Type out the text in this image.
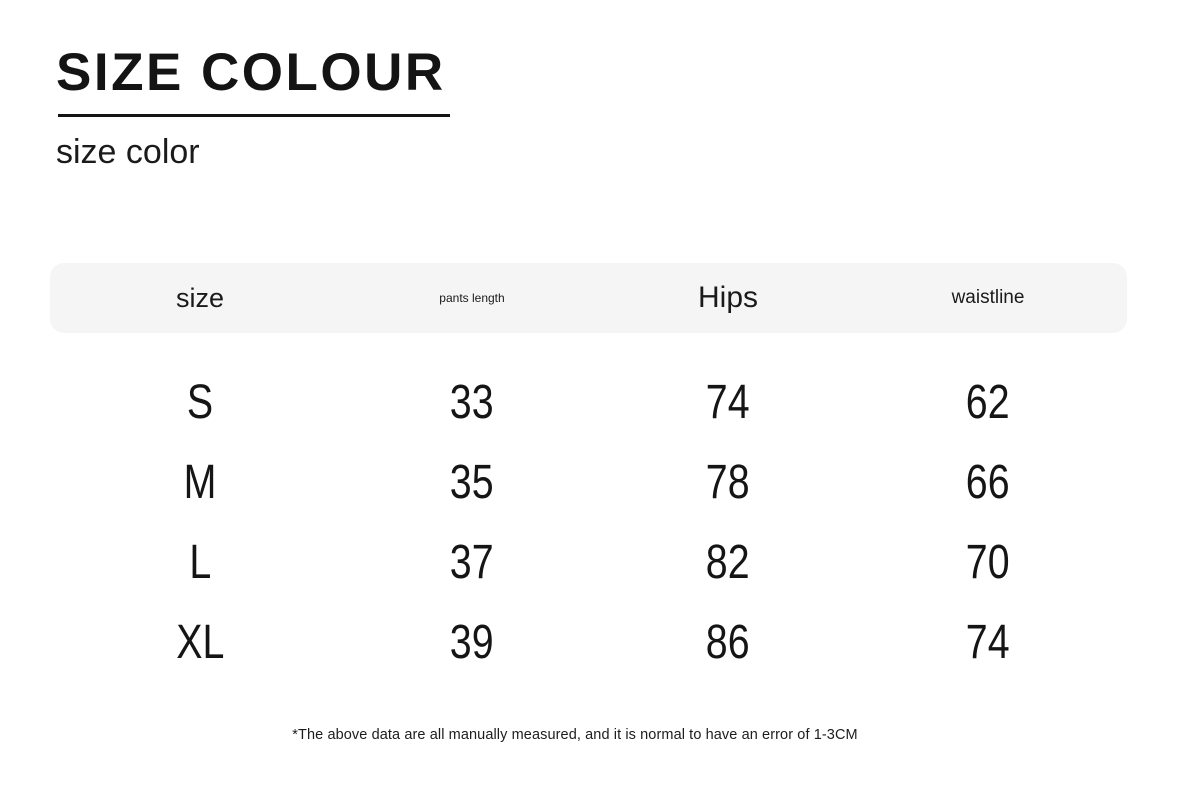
SIZE COLOUR
size color
size	pants length	Hips	waistline
S	33	74	62
M	35	78	66
L	37	82	70
XL	39	86	74
*The above data are all manually measured, and it is normal to have an error of 1-3CM
